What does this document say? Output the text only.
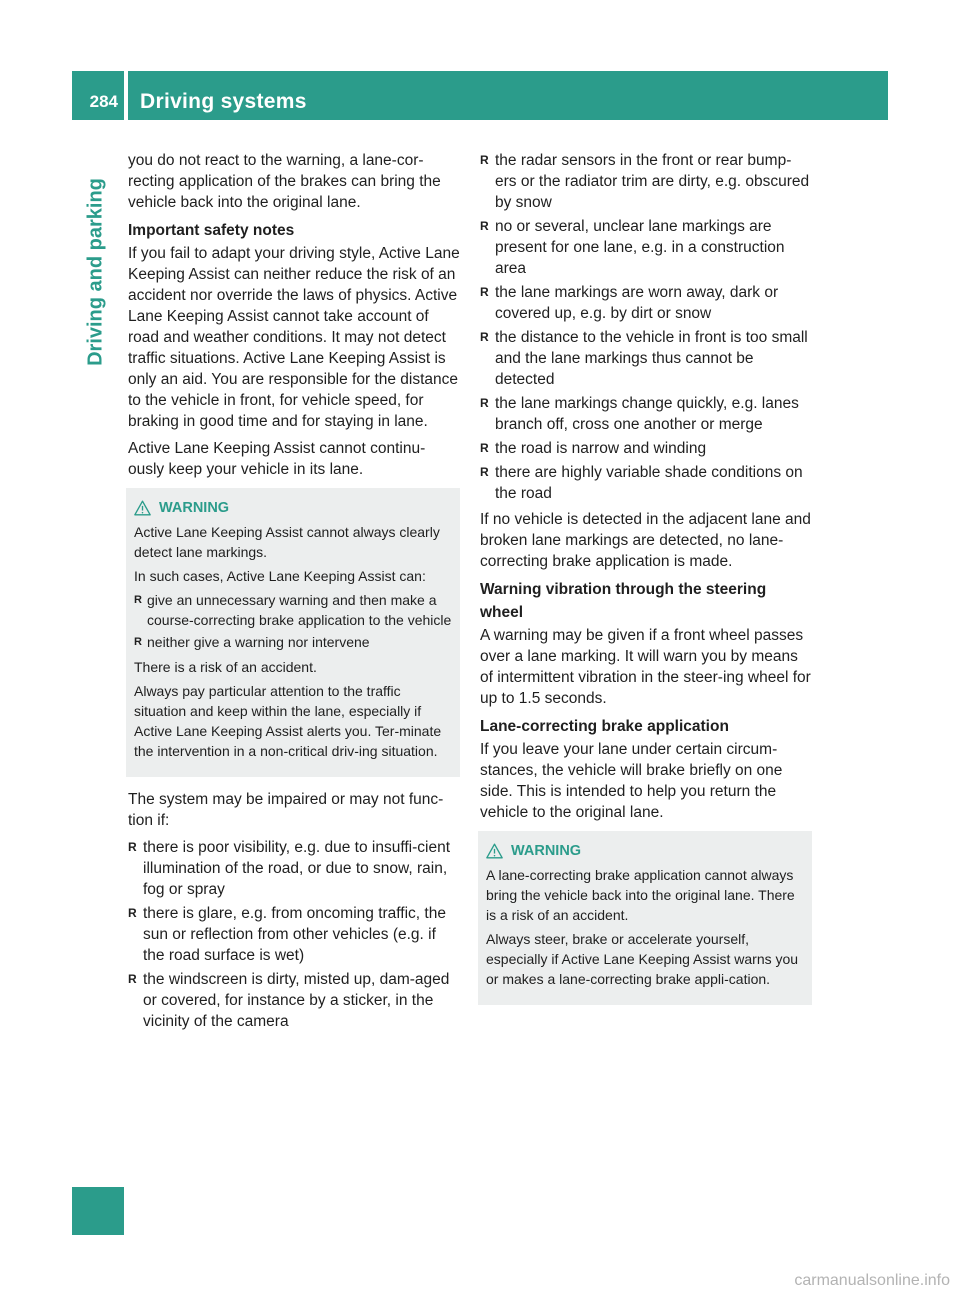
284 Driving systems
Driving and parking

you do not react to the warning, a lane-cor-recting application of the brakes can bring the vehicle back into the original lane.

Important safety notes

If you fail to adapt your driving style, Active Lane Keeping Assist can neither reduce the risk of an accident nor override the laws of physics. Active Lane Keeping Assist cannot take account of road and weather conditions. It may not detect traffic situations. Active Lane Keeping Assist is only an aid. You are responsible for the distance to the vehicle in front, for vehicle speed, for braking in good time and for staying in lane.

Active Lane Keeping Assist cannot continu-ously keep your vehicle in its lane.

WARNING

Active Lane Keeping Assist cannot always clearly detect lane markings.

In such cases, Active Lane Keeping Assist can:

R give an unnecessary warning and then make a course-correcting brake application to the vehicle
R neither give a warning nor intervene

There is a risk of an accident.

Always pay particular attention to the traffic situation and keep within the lane, especially if Active Lane Keeping Assist alerts you. Ter-minate the intervention in a non-critical driv-ing situation.

The system may be impaired or may not func-tion if:

R there is poor visibility, e.g. due to insuffi-cient illumination of the road, or due to snow, rain, fog or spray
R there is glare, e.g. from oncoming traffic, the sun or reflection from other vehicles (e.g. if the road surface is wet)
R the windscreen is dirty, misted up, dam-aged or covered, for instance by a sticker, in the vicinity of the camera
R the radar sensors in the front or rear bump-ers or the radiator trim are dirty, e.g. obscured by snow
R no or several, unclear lane markings are present for one lane, e.g. in a construction area
R the lane markings are worn away, dark or covered up, e.g. by dirt or snow
R the distance to the vehicle in front is too small and the lane markings thus cannot be detected
R the lane markings change quickly, e.g. lanes branch off, cross one another or merge
R the road is narrow and winding
R there are highly variable shade conditions on the road

If no vehicle is detected in the adjacent lane and broken lane markings are detected, no lane-correcting brake application is made.

Warning vibration through the steering wheel

A warning may be given if a front wheel passes over a lane marking. It will warn you by means of intermittent vibration in the steer-ing wheel for up to 1.5 seconds.

Lane-correcting brake application

If you leave your lane under certain circum-stances, the vehicle will brake briefly on one side. This is intended to help you return the vehicle to the original lane.

WARNING

A lane-correcting brake application cannot always bring the vehicle back into the original lane. There is a risk of an accident.

Always steer, brake or accelerate yourself, especially if Active Lane Keeping Assist warns you or makes a lane-correcting brake appli-cation.

carmanualsonline.info
